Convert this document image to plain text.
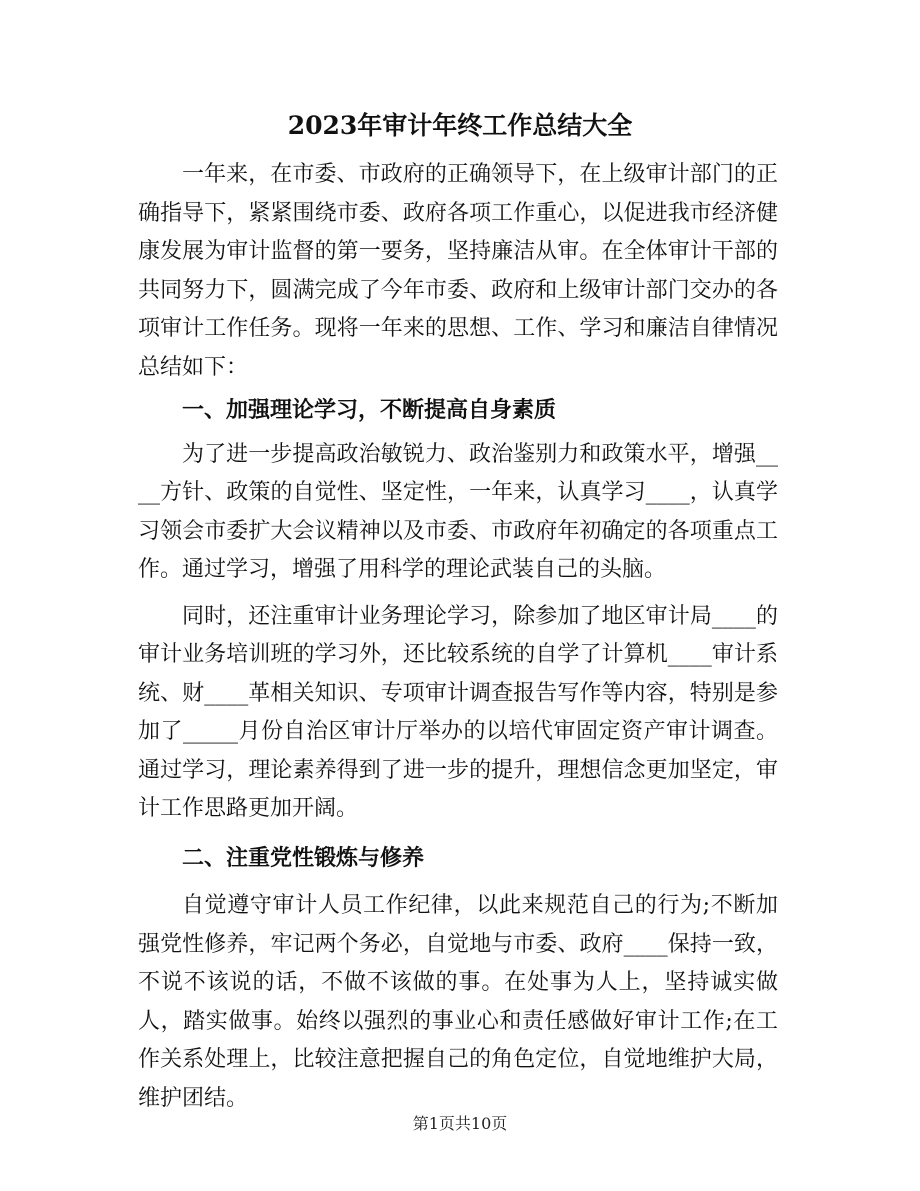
2023年审计年终工作总结大全

一年来，在市委、市政府的正确领导下，在上级审计部门的正确指导下，紧紧围绕市委、政府各项工作重心，以促进我市经济健康发展为审计监督的第一要务，坚持廉洁从审。在全体审计干部的共同努力下，圆满完成了今年市委、政府和上级审计部门交办的各项审计工作任务。现将一年来的思想、工作、学习和廉洁自律情况总结如下：

一、加强理论学习，不断提高自身素质

为了进一步提高政治敏锐力、政治鉴别力和政策水平，增强____方针、政策的自觉性、坚定性，一年来，认真学习____，认真学习领会市委扩大会议精神以及市委、市政府年初确定的各项重点工作。通过学习，增强了用科学的理论武装自己的头脑。

同时，还注重审计业务理论学习，除参加了地区审计局____的审计业务培训班的学习外，还比较系统的自学了计算机____审计系统、财____革相关知识、专项审计调查报告写作等内容，特别是参加了_____月份自治区审计厅举办的以培代审固定资产审计调查。通过学习，理论素养得到了进一步的提升，理想信念更加坚定，审计工作思路更加开阔。

二、注重党性锻炼与修养

自觉遵守审计人员工作纪律，以此来规范自己的行为;不断加强党性修养，牢记两个务必，自觉地与市委、政府____保持一致，不说不该说的话，不做不该做的事。在处事为人上，坚持诚实做人，踏实做事。始终以强烈的事业心和责任感做好审计工作;在工作关系处理上，比较注意把握自己的角色定位，自觉地维护大局，维护团结。

第1页共10页
